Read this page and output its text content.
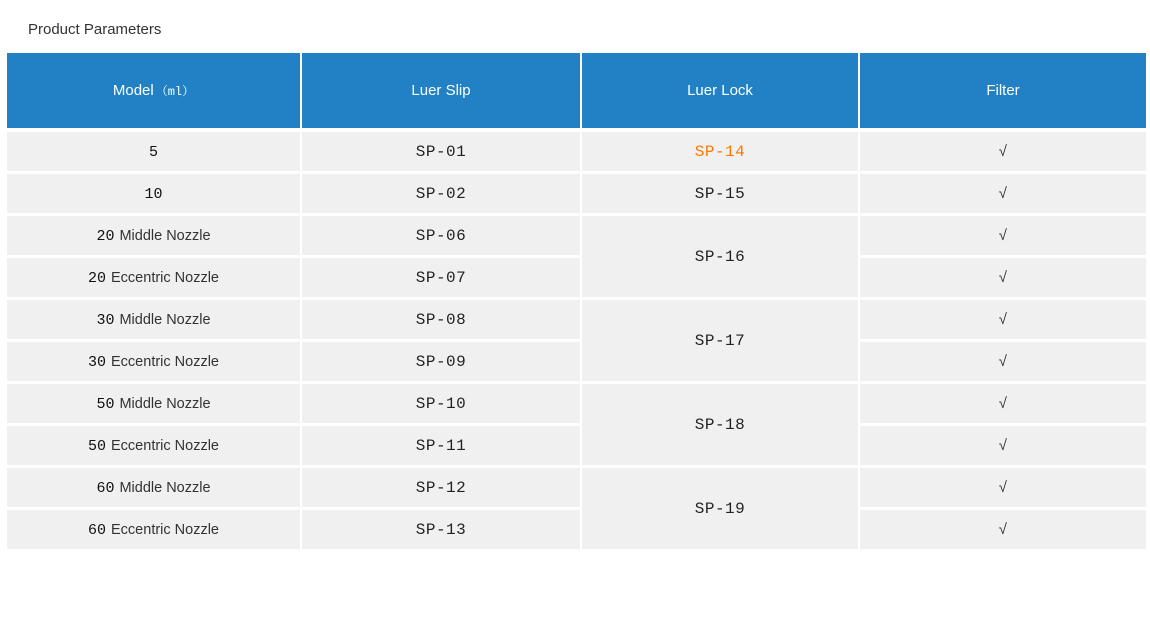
Product Parameters
Model （ml）	Luer Slip	Luer Lock	Filter
5	SP-01	SP-14	√
10	SP-02	SP-15	√
20 Middle Nozzle	SP-06	SP-16	√
20 Eccentric Nozzle	SP-07		√
30 Middle Nozzle	SP-08	SP-17	√
30 Eccentric Nozzle	SP-09		√
50 Middle Nozzle	SP-10	SP-18	√
50 Eccentric Nozzle	SP-11		√
60 Middle Nozzle	SP-12	SP-19	√
60 Eccentric Nozzle	SP-13		√
